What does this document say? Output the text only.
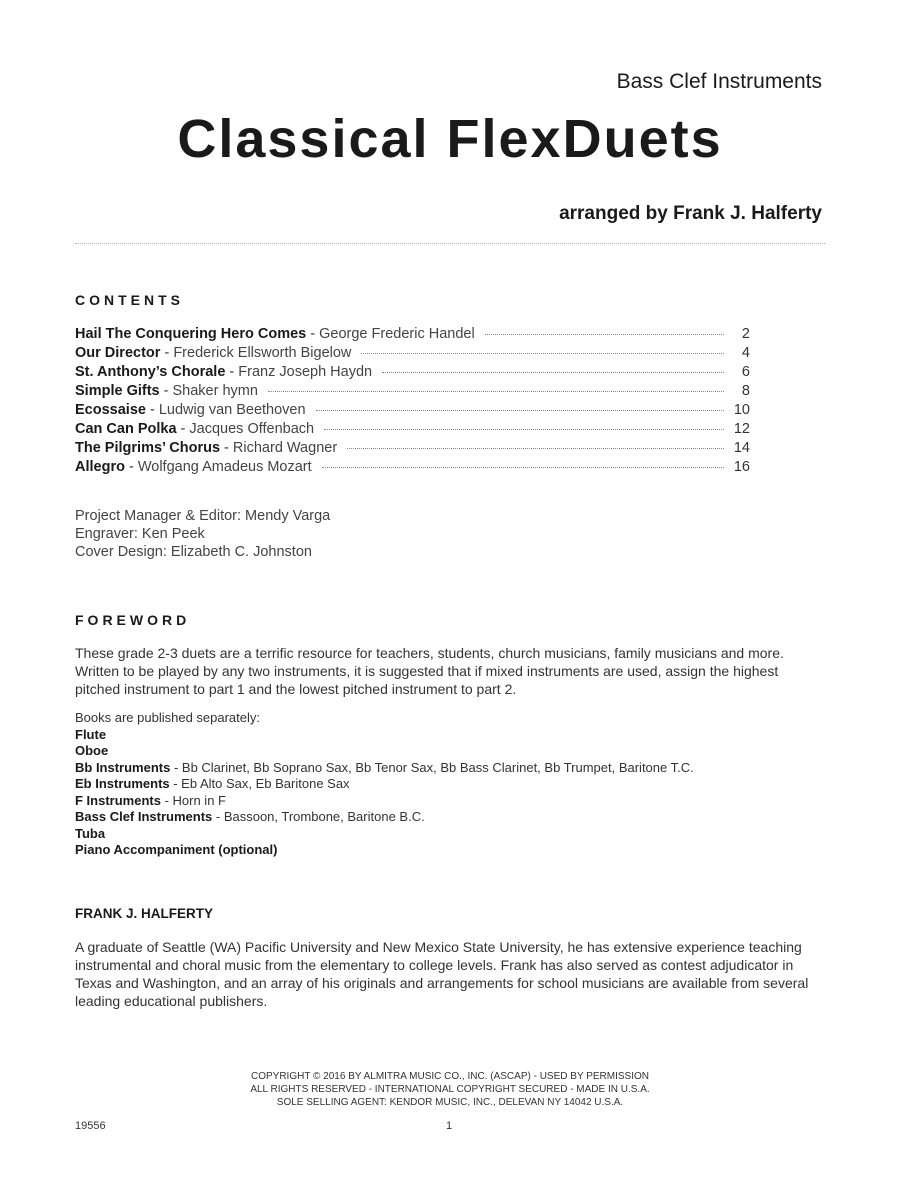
Bass Clef Instruments
Classical FlexDuets
arranged by Frank J. Halferty
CONTENTS
Hail The Conquering Hero Comes - George Frederic Handel	2
Our Director - Frederick Ellsworth Bigelow	4
St. Anthony’s Chorale - Franz Joseph Haydn	6
Simple Gifts - Shaker hymn	8
Ecossaise - Ludwig van Beethoven	10
Can Can Polka - Jacques Offenbach	12
The Pilgrims’ Chorus - Richard Wagner	14
Allegro - Wolfgang Amadeus Mozart	16
Project Manager & Editor: Mendy Varga
Engraver: Ken Peek
Cover Design: Elizabeth C. Johnston
FOREWORD
These grade 2-3 duets are a terrific resource for teachers, students, church musicians, family musicians and more. Written to be played by any two instruments, it is suggested that if mixed instruments are used, assign the highest pitched instrument to part 1 and the lowest pitched instrument to part 2.
Books are published separately:
Flute
Oboe
Bb Instruments - Bb Clarinet, Bb Soprano Sax, Bb Tenor Sax, Bb Bass Clarinet, Bb Trumpet, Baritone T.C.
Eb Instruments - Eb Alto Sax, Eb Baritone Sax
F Instruments - Horn in F
Bass Clef Instruments - Bassoon, Trombone, Baritone B.C.
Tuba
Piano Accompaniment (optional)
FRANK J. HALFERTY
A graduate of Seattle (WA) Pacific University and New Mexico State University, he has extensive experience teaching instrumental and choral music from the elementary to college levels. Frank has also served as contest adjudicator in Texas and Washington, and an array of his originals and arrangements for school musicians are available from several leading educational publishers.
COPYRIGHT © 2016 BY ALMITRA MUSIC CO., INC. (ASCAP) - USED BY PERMISSION
ALL RIGHTS RESERVED - INTERNATIONAL COPYRIGHT SECURED - MADE IN U.S.A.
SOLE SELLING AGENT: KENDOR MUSIC, INC., DELEVAN NY 14042 U.S.A.
19556	1
